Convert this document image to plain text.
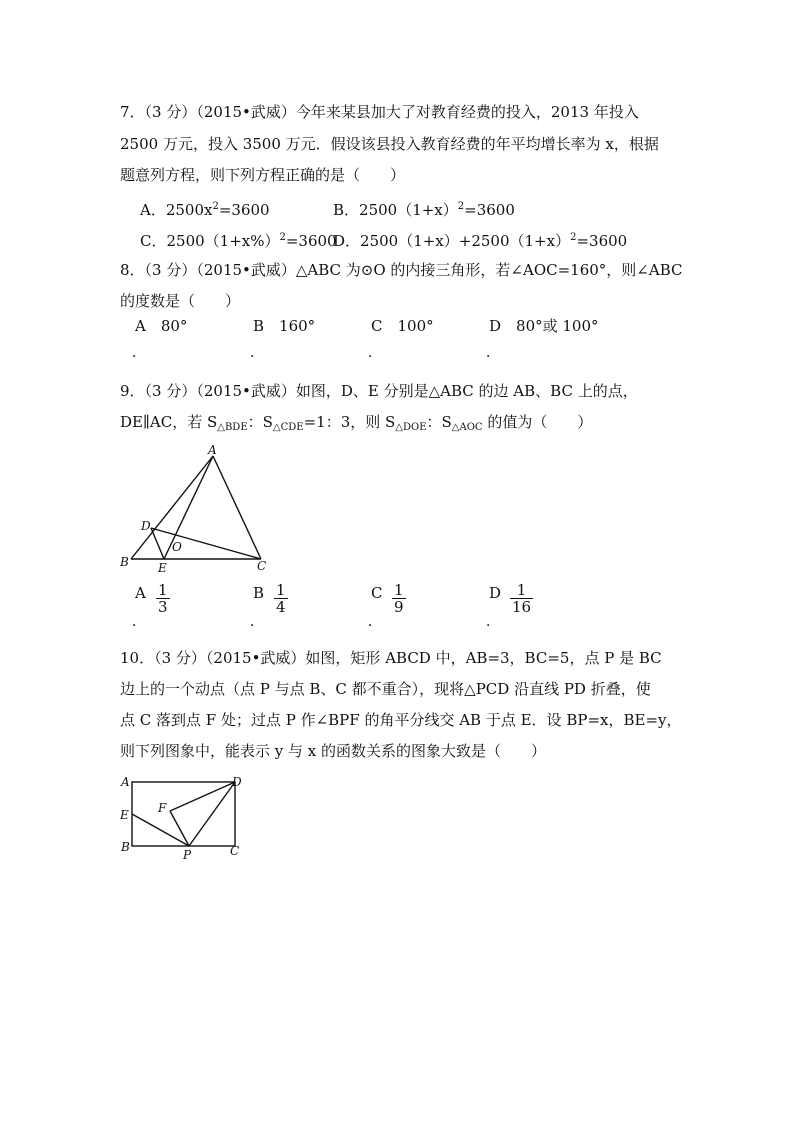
7．（3 分）（2015•武威）今年来某县加大了对教育经费的投入，2013 年投入
2500 万元，投入 3500 万元．假设该县投入教育经费的年平均增长率为 x，根据
题意列方程，则下列方程正确的是（　　）
A．$2500x^2=3600$	B．$2500(1+x)^2=3600$
C．$2500(1+x\%)^2=3600$
D．$2500(1+x)+2500(1+x)^2=3600$
8．（3 分）（2015•武威）△ABC 为⊙O 的内接三角形，若∠AOC=160°，则∠ABC
的度数是（　　）
A　80°	B　160°	C　100°	D　80°或 100°
．	．	．	．
9．（3 分）（2015•武威）如图，D、E 分别是△ABC 的边 AB、BC 上的点，
DE∥AC，若 $S_{\triangle BDE}$：$S_{\triangle CDE}=1$：3，则 $S_{\triangle DOE}$：$S_{\triangle AOC}$ 的值为（　　）
A
D
O
B E	C
A $\frac{1}{3}$	B $\frac{1}{4}$	C $\frac{1}{9}$	D $\frac{1}{16}$
．	．	．	．
10．（3 分）（2015•武威）如图，矩形 ABCD 中，AB=3，BC=5，点 P 是 BC
边上的一个动点（点 P 与点 B、C 都不重合），现将△PCD 沿直线 PD 折叠，使
点 C 落到点 F 处；过点 P 作∠BPF 的角平分线交 AB 于点 E．设 BP=x，BE=y，
则下列图象中，能表示 y 与 x 的函数关系的图象大致是（　　）
A	D
F
E
B
P	C
